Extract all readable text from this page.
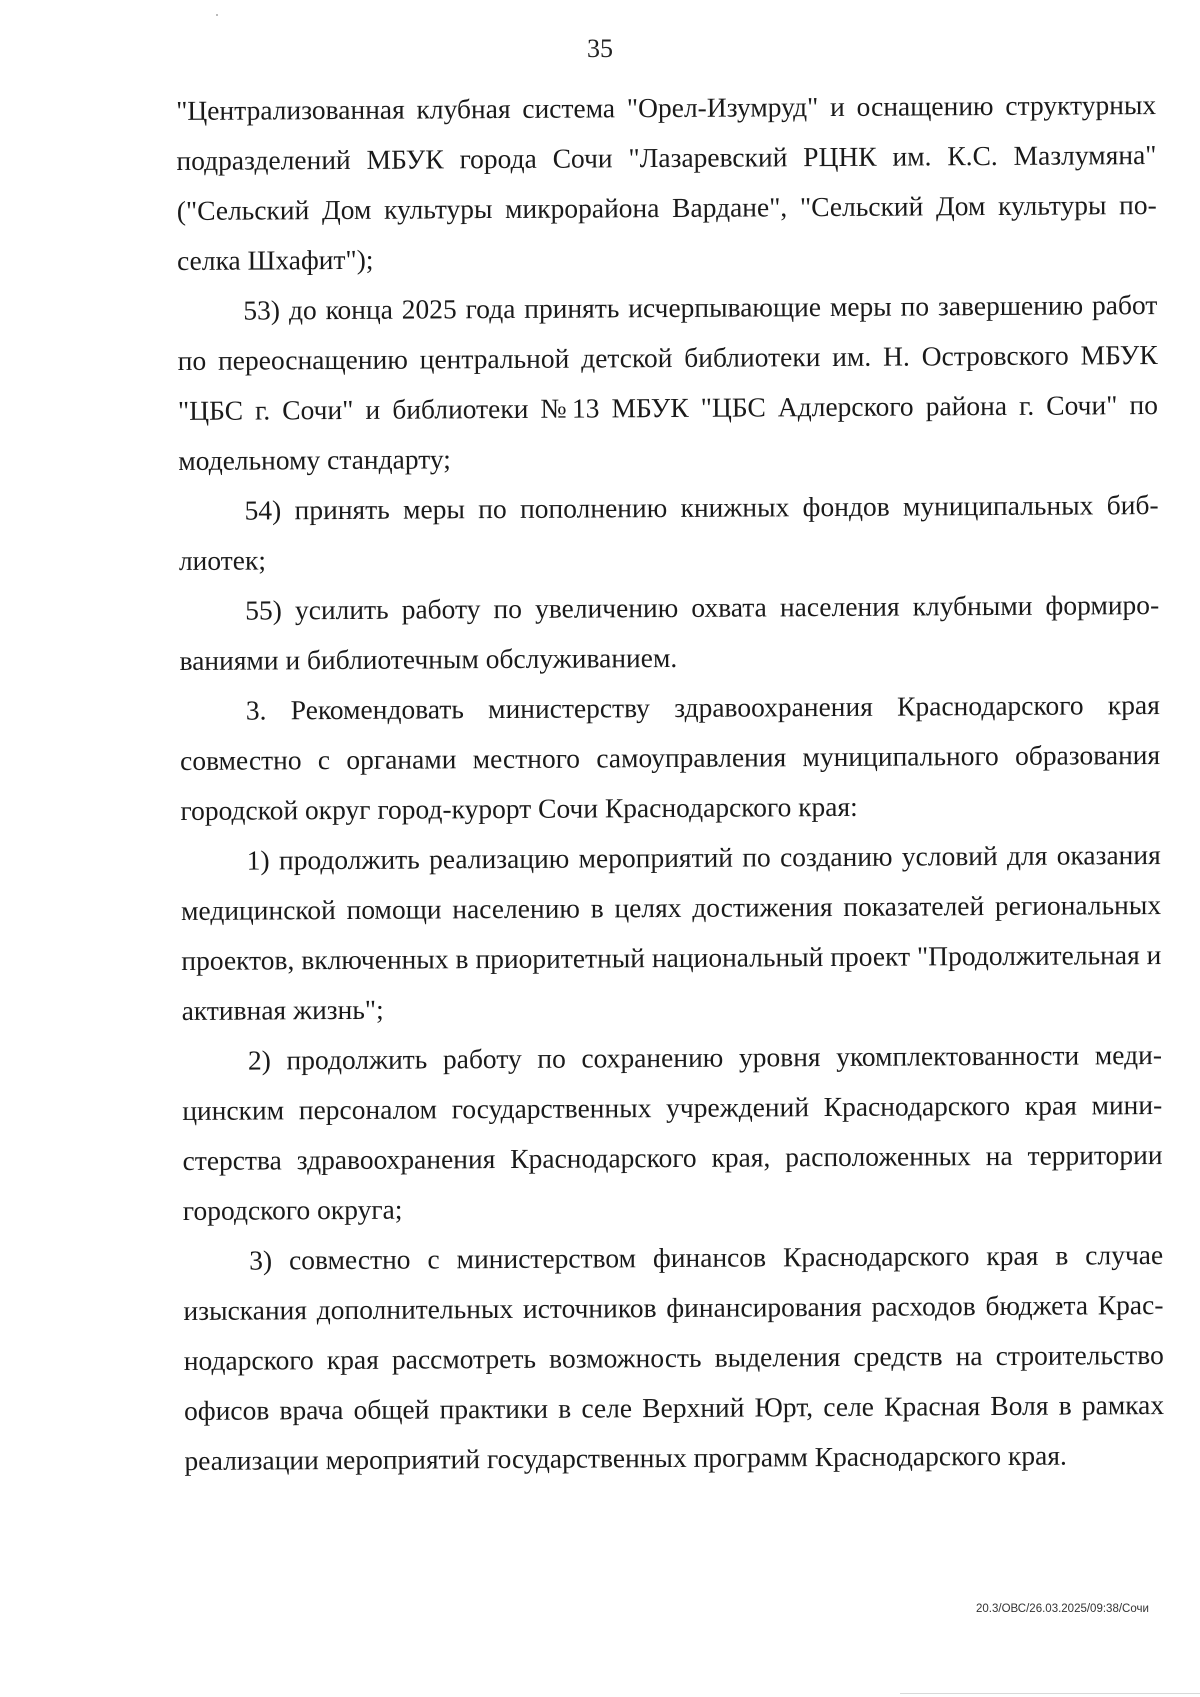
35

"Централизованная клубная система "Орел-Изумруд" и оснащению структурных подразделений МБУК города Сочи "Лазаревский РЦНК им. К.С. Мазлумяна" ("Сельский Дом культуры микрорайона Вардане", "Сельский Дом культуры поселка Шхафит");

53) до конца 2025 года принять исчерпывающие меры по завершению работ по переоснащению центральной детской библиотеки им. Н. Островского МБУК "ЦБС г. Сочи" и библиотеки №13 МБУК "ЦБС Адлерского района г. Сочи" по модельному стандарту;

54) принять меры по пополнению книжных фондов муниципальных библиотек;

55) усилить работу по увеличению охвата населения клубными формированиями и библиотечным обслуживанием.

3. Рекомендовать министерству здравоохранения Краснодарского края совместно с органами местного самоуправления муниципального образования городской округ город-курорт Сочи Краснодарского края:

1) продолжить реализацию мероприятий по созданию условий для оказания медицинской помощи населению в целях достижения показателей региональных проектов, включенных в приоритетный национальный проект "Продолжительная и активная жизнь";

2) продолжить работу по сохранению уровня укомплектованности медицинским персоналом государственных учреждений Краснодарского края министерства здравоохранения Краснодарского края, расположенных на территории городского округа;

3) совместно с министерством финансов Краснодарского края в случае изыскания дополнительных источников финансирования расходов бюджета Краснодарского края рассмотреть возможность выделения средств на строительство офисов врача общей практики в селе Верхний Юрт, селе Красная Воля в рамках реализации мероприятий государственных программ Краснодарского края.

20.3/ОВС/26.03.2025/09:38/Сочи
